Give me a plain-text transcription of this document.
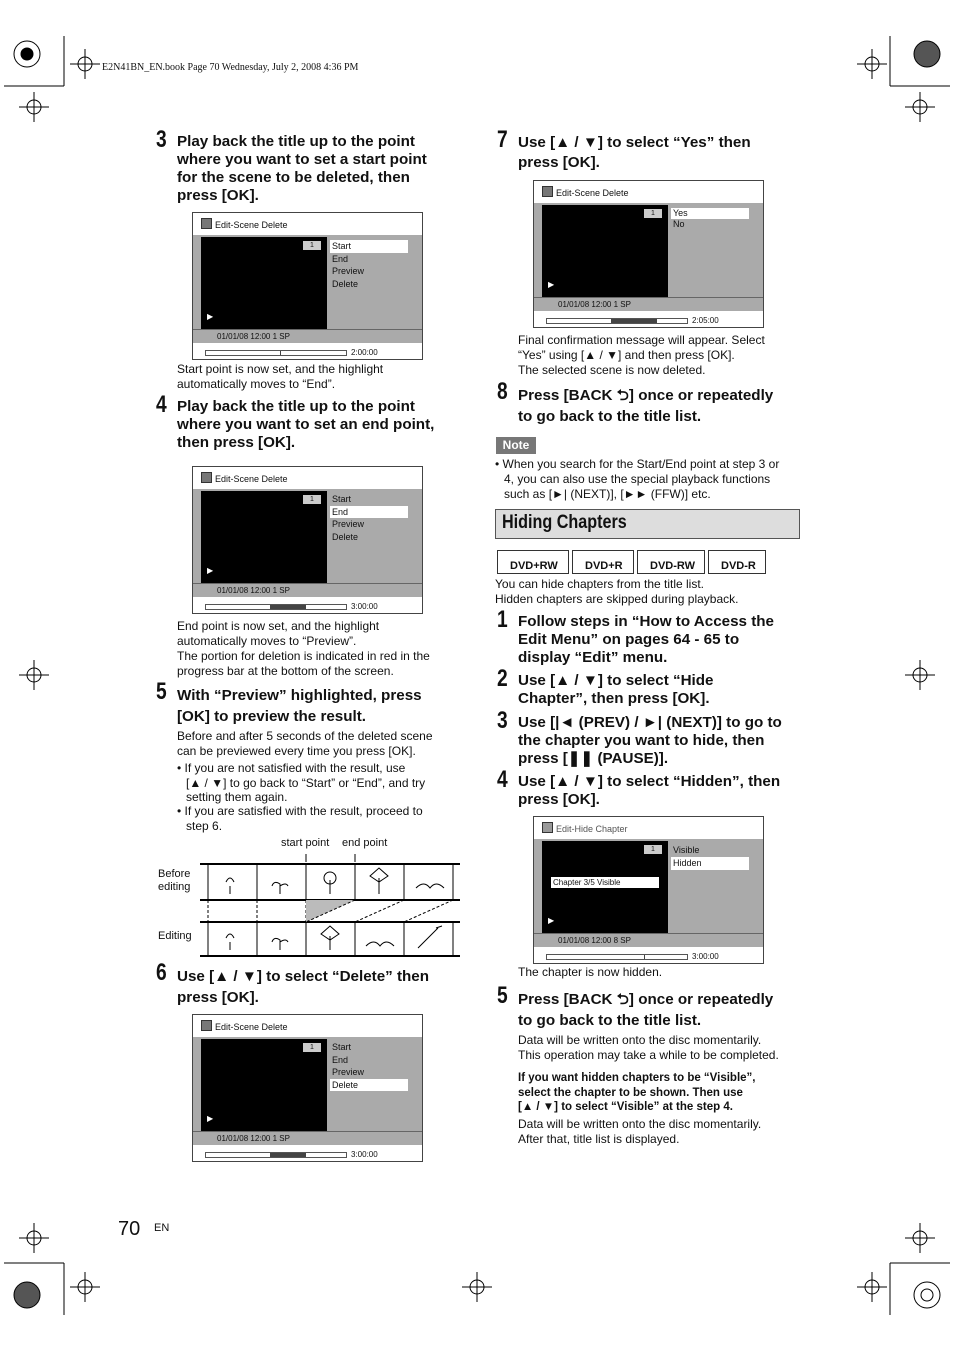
E2N41BN_EN.book Page 70 Wednesday, July 2, 2008 4:36 PM
3 Play back the title up to the point
where you want to set a start point
for the scene to be deleted, then
press [OK].
Edit-Scene Delete
1
▶
Start
End
Preview
Delete
01/01/08 12:00 1 SP
2:00:00
Start point is now set, and the highlight
automatically moves to “End”.
4 Play back the title up to the point
where you want to set an end point,
then press [OK].
Edit-Scene Delete
1
▶
Start
End
Preview
Delete
01/01/08 12:00 1 SP
3:00:00
End point is now set, and the highlight
automatically moves to “Preview”.
The portion for deletion is indicated in red in the
progress bar at the bottom of the screen.
5 With “Preview” highlighted, press
[OK] to preview the result.
Before and after 5 seconds of the deleted scene
can be previewed every time you press [OK].
• If you are not satisfied with the result, use
[▲ / ▼] to go back to “Start” or “End”, and try
setting them again.
• If you are satisfied with the result, proceed to
step 6.
start point end point
Before
editing
Editing
6 Use [▲ / ▼] to select “Delete” then
press [OK].
Edit-Scene Delete
1
▶
Start
End
Preview
Delete
01/01/08 12:00 1 SP
3:00:00
7 Use [▲ / ▼] to select “Yes” then
press [OK].
Edit-Scene Delete
1
▶
Yes
No
01/01/08 12:00 1 SP
2:05:00
Final confirmation message will appear. Select
“Yes” using [▲ / ▼] and then press [OK].
The selected scene is now deleted.
8 Press [BACK ⮌] once or repeatedly
to go back to the title list.
Note
• When you search for the Start/End point at step 3 or
4, you can also use the special playback functions
such as [►| (NEXT)], [►► (FFW)] etc.
Hiding Chapters
DVD+RW DVD+R DVD-RW DVD-R
You can hide chapters from the title list.
Hidden chapters are skipped during playback.
1 Follow steps in “How to Access the
Edit Menu” on pages 64 - 65 to
display “Edit” menu.
2 Use [▲ / ▼] to select “Hide
Chapter”, then press [OK].
3 Use [|◄ (PREV) / ►| (NEXT)] to go to
the chapter you want to hide, then
press [❚❚ (PAUSE)].
4 Use [▲ / ▼] to select “Hidden”, then
press [OK].
Edit-Hide Chapter
1
Chapter 3/5 Visible
▶
Visible
Hidden
01/01/08 12:00 8 SP
3:00:00
The chapter is now hidden.
5 Press [BACK ⮌] once or repeatedly
to go back to the title list.
Data will be written onto the disc momentarily.
This operation may take a while to be completed.
If you want hidden chapters to be “Visible”,
select the chapter to be shown. Then use
[▲ / ▼] to select “Visible” at the step 4.
Data will be written onto the disc momentarily.
After that, title list is displayed.
70 EN
